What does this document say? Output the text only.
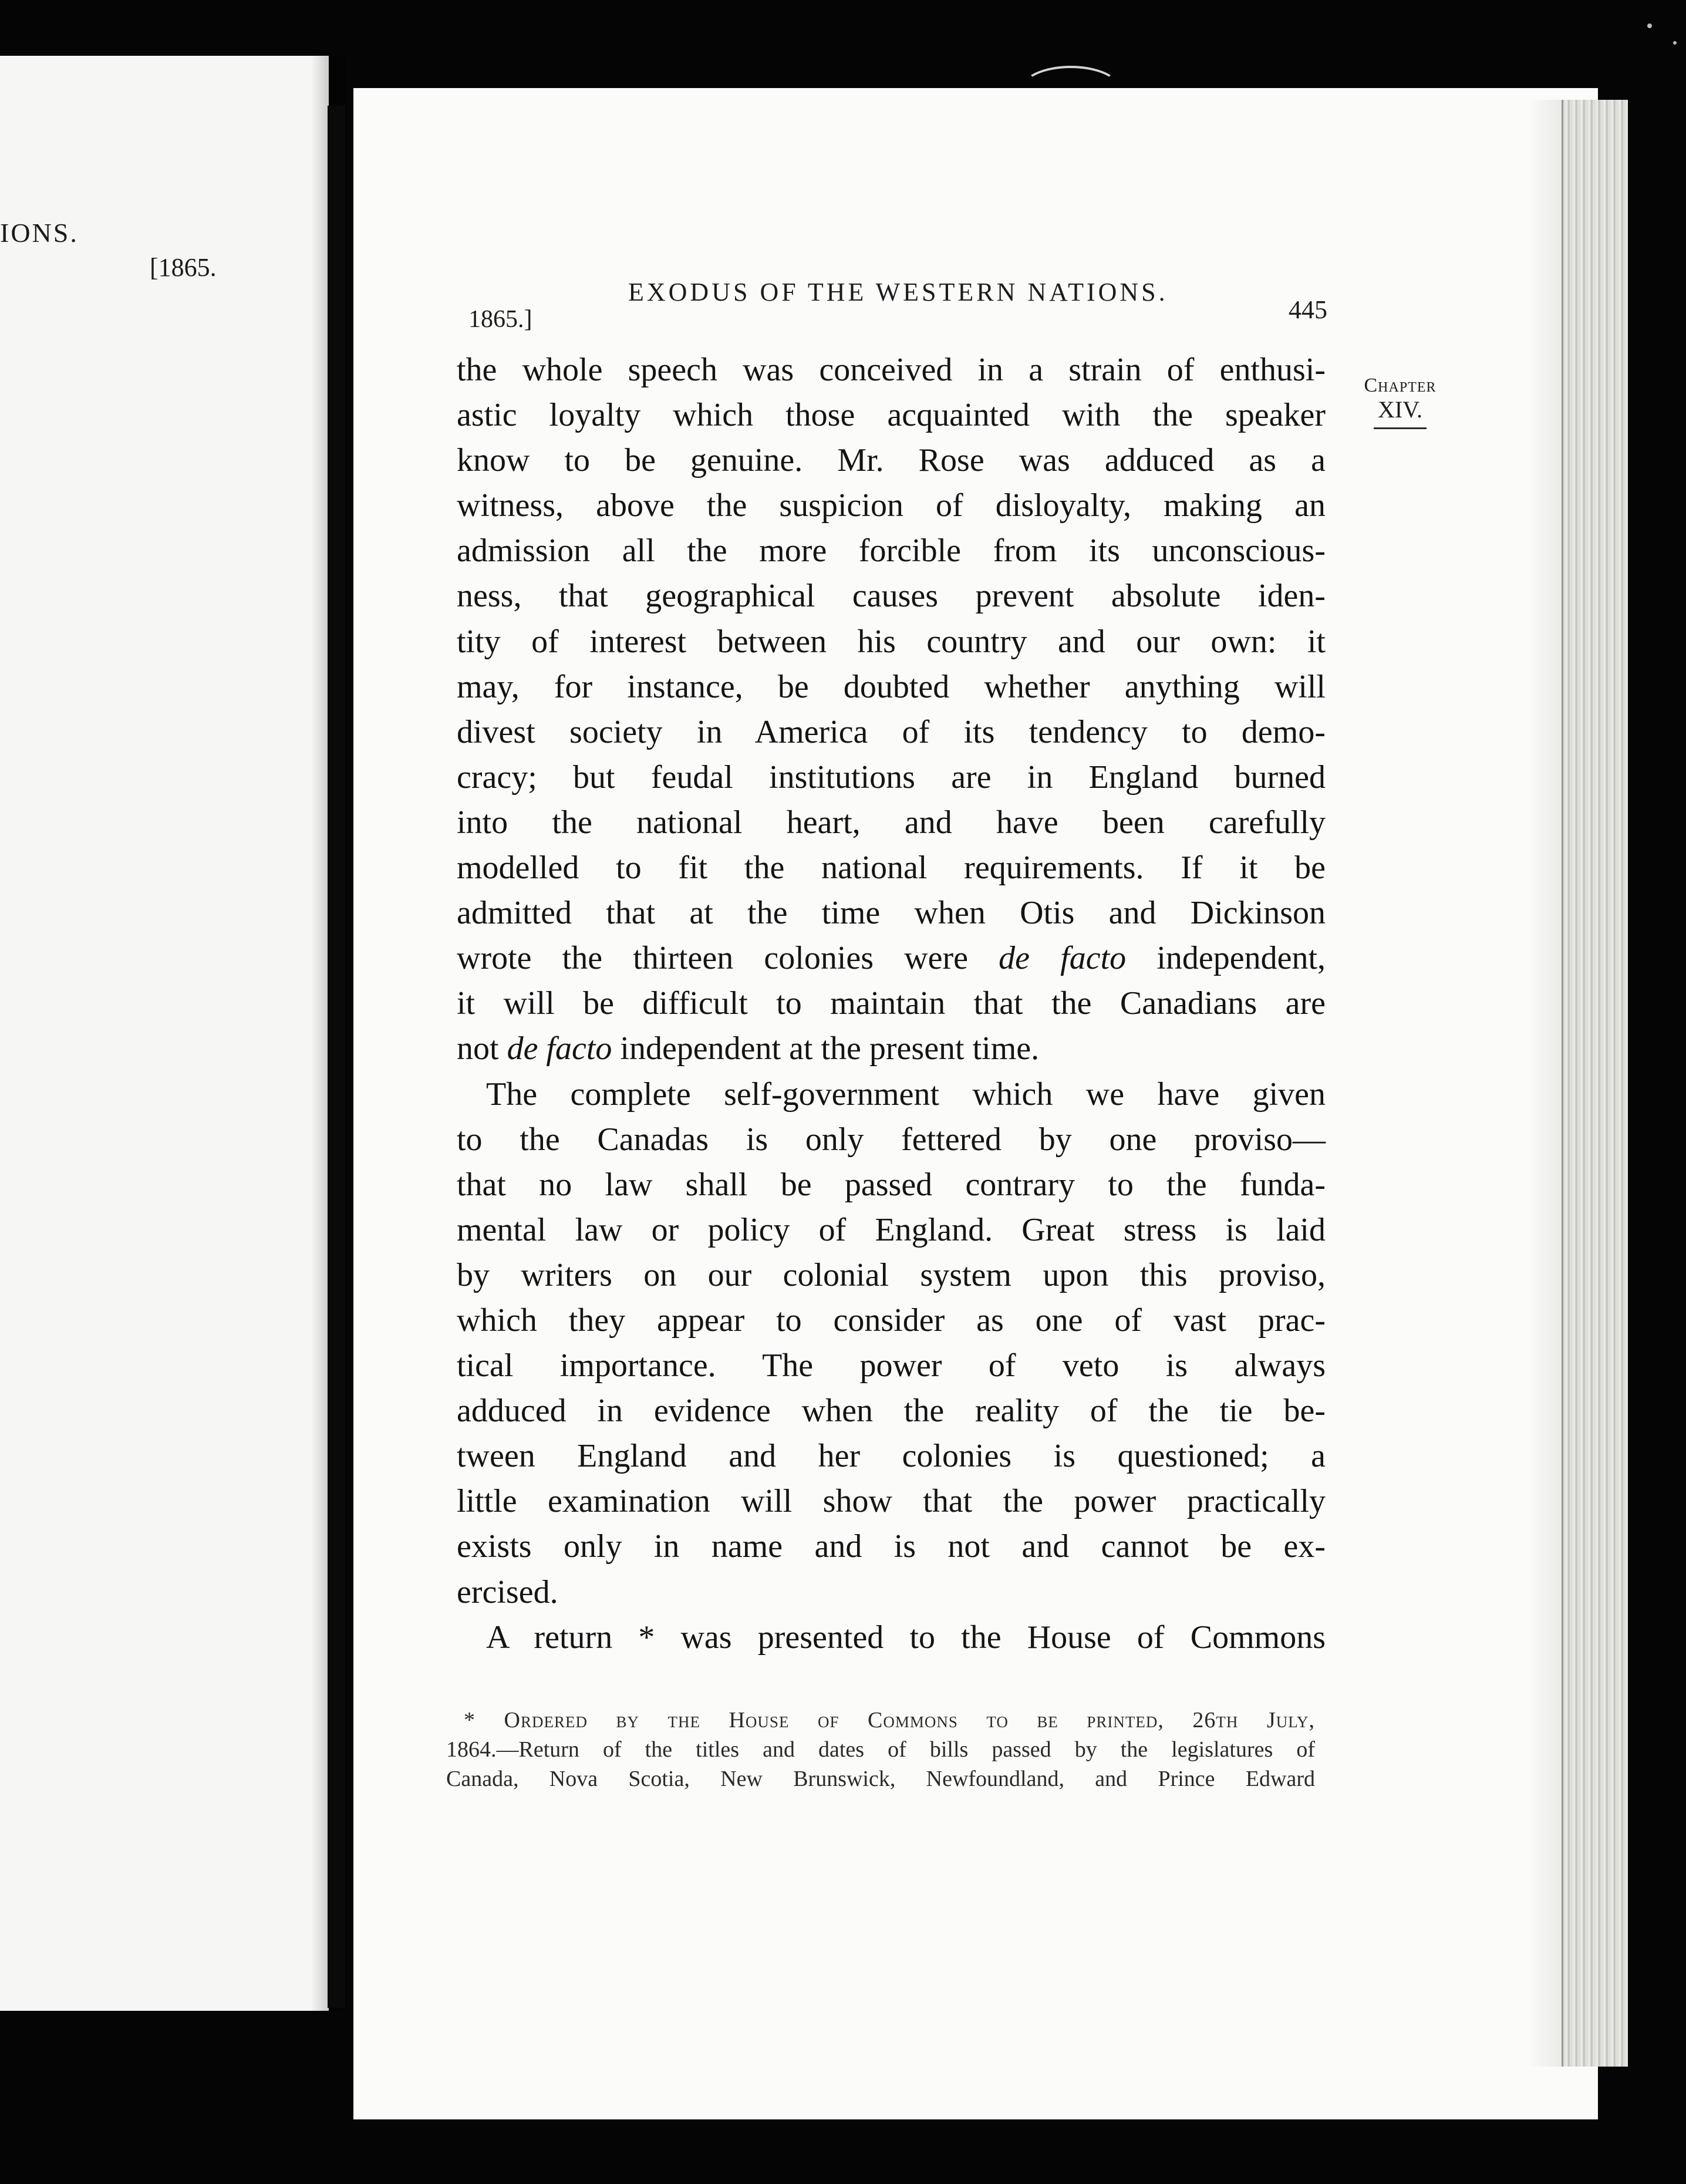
IONS.
[1865.
EXODUS OF THE WESTERN NATIONS.
445
1865.]
Chapter
XIV.
the whole speech was conceived in a strain of enthusi-
astic loyalty which those acquainted with the speaker
know to be genuine. Mr. Rose was adduced as a
witness, above the suspicion of disloyalty, making an
admission all the more forcible from its unconscious-
ness, that geographical causes prevent absolute iden-
tity of interest between his country and our own: it
may, for instance, be doubted whether anything will
divest society in America of its tendency to demo-
cracy; but feudal institutions are in England burned
into the national heart, and have been carefully
modelled to fit the national requirements. If it be
admitted that at the time when Otis and Dickinson
wrote the thirteen colonies were de facto independent,
it will be difficult to maintain that the Canadians are
not de facto independent at the present time.
The complete self-government which we have given
to the Canadas is only fettered by one proviso—
that no law shall be passed contrary to the funda-
mental law or policy of England. Great stress is laid
by writers on our colonial system upon this proviso,
which they appear to consider as one of vast prac-
tical importance. The power of veto is always
adduced in evidence when the reality of the tie be-
tween England and her colonies is questioned; a
little examination will show that the power practically
exists only in name and is not and cannot be ex-
ercised.
A return * was presented to the House of Commons
* Ordered by the House of Commons to be printed, 26th July,
1864.—Return of the titles and dates of bills passed by the legislatures of
Canada, Nova Scotia, New Brunswick, Newfoundland, and Prince Edward
